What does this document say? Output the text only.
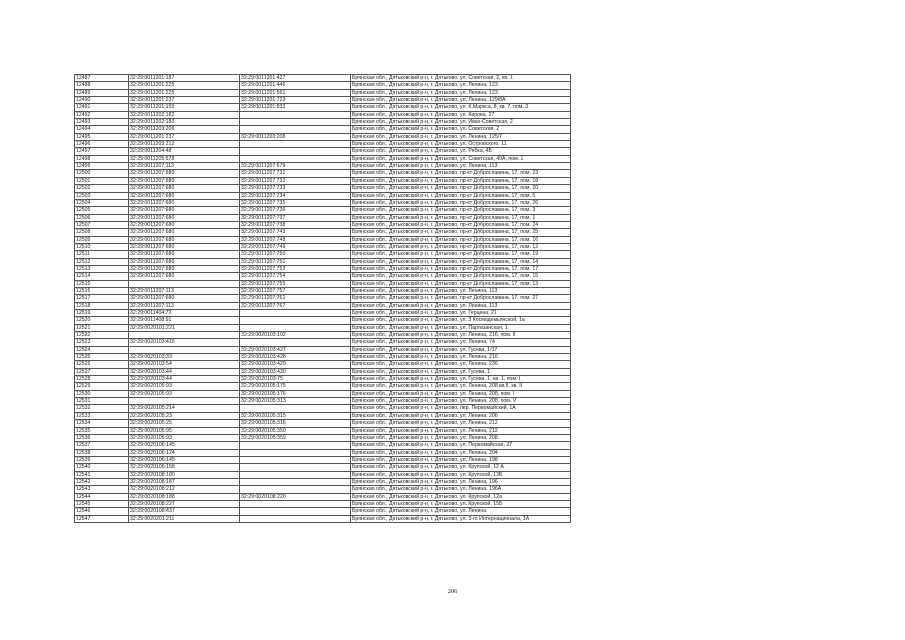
12487	32:29:0011201:187	32:29:0011201:427	Брянская обл., Дятьковский р-н, г. Дятьково, ул. Советская, 2, кв. 1
12488	32:29:0011201:225	32:29:0011201:446	Брянская обл., Дятьковский р-н, г. Дятьково, ул. Ленина, 123
12489	32:29:0011201:225	32:29:0011201:561	Брянская обл., Дятьковский р-н, г. Дятьково, ул. Ленина, 123
12490	32:29:0011201:237	32:29:0011201:723	Брянская обл., Дятьковский р-н, г. Дятьково, ул. Ленина, 129/8А
12491	32:29:0011201:159	32:29:0011201:833	Брянская обл., Дятьковский р-н, г. Дятьково, ул. К.Маркса, 8, кв. 7, пом. 3
12492	32:29:0011202:182		Брянская обл., Дятьковский р-н, г. Дятьково, ул. Кирова, 27
12493	32:29:0011202:183		Брянская обл., Дятьковский р-н, г. Дятьково, ул. Ивах-Советская, 2
12494	32:29:0011203:206		Брянская обл., Дятьковский р-н, г. Дятьково, ул. Советская, 2
12495	32:29:0011201:237	32:29:0011203:208	Брянская обл., Дятьковский р-н, г. Дятьково, ул. Ленина, 125/7
12496	32:29:0011203:212		Брянская обл., Дятьковский р-н, г. Дятьково, ул. Островского, 11
12497	32:29:0011204:48		Брянская обл., Дятьковский р-н, г. Дятьково, ул. Рябка, 4Б
12498	32:29:0011205:678		Брянская обл., Дятьковский р-н, г. Дятьково, ул. Советская, 40А, пом. 1
12499	32:29:0011207:113	32:29:0011207:679	Брянская обл., Дятьковский р-н, г. Дятьково, ул. Ленина, 113
12500	32:29:0011207:680	32:29:0011207:731	Брянская обл., Дятьковский р-н, г. Дятьково, пр-кт Доброславина, 17, пом. 23
12501	32:29:0011207:680	32:29:0011207:732	Брянская обл., Дятьковский р-н, г. Дятьково, пр-кт Доброславина, 17, пом. 18
12502	32:29:0011207:680	32:29:0011207:733	Брянская обл., Дятьковский р-н, г. Дятьково, пр-кт Доброславина, 17, пом. 20
12503	32:29:0011207:680	32:29:0011207:734	Брянская обл., Дятьковский р-н, г. Дятьково, пр-кт Доброславина, 17, пом. 5
12504	32:29:0011207:680	32:29:0011207:735	Брянская обл., Дятьковский р-н, г. Дятьково, пр-кт Доброславина, 17, пом. 26
12505	32:29:0011207:680	32:29:0011207:736	Брянская обл., Дятьковский р-н, г. Дятьково, пр-кт Доброславина, 17, пом. 3
12506	32:29:0011207:680	32:29:0011207:737	Брянская обл., Дятьковский р-н, г. Дятьково, пр-кт Доброславина, 17, пом. 1
12507	32:29:0011207:680	32:29:0011207:738	Брянская обл., Дятьковский р-н, г. Дятьково, пр-кт Доброславина, 17, пом. 24
12508	32:29:0011207:680	32:29:0011207:743	Брянская обл., Дятьковский р-н, г. Дятьково, пр-кт Доброславина, 17, пом. 25
12509	32:29:0011207:680	32:29:0011207:748	Брянская обл., Дятьковский р-н, г. Дятьково, пр-кт Доброславина, 17, пом. 16
12510	32:29:0011207:680	32:29:0011207:749	Брянская обл., Дятьковский р-н, г. Дятьково, пр-кт Доброславина, 17, пом. 12
12511	32:29:0011207:680	32:29:0011207:750	Брянская обл., Дятьковский р-н, г. Дятьково, пр-кт Доброславина, 17, пом. 19
12512	32:29:0011207:680	32:29:0011207:751	Брянская обл., Дятьковский р-н, г. Дятьково, пр-кт Доброславина, 17, пом. 14
12513	32:29:0011207:680	32:29:0011207:753	Брянская обл., Дятьковский р-н, г. Дятьково, пр-кт Доброславина, 17, пом. 17
12514	32:29:0011207:680	32:29:0011207:754	Брянская обл., Дятьковский р-н, г. Дятьково, пр-кт Доброславина, 17, пом. 15
12515		32:29:0011207:755	Брянская обл., Дятьковский р-н, г. Дятьково, пр-кт Доброславина, 17, пом. 13
12516	32:29:0011207:113	32:29:0011207:757	Брянская обл., Дятьковский р-н, г. Дятьково, ул. Ленина, 113
12517	32:29:0011207:680	32:29:0011207:761	Брянская обл., Дятьковский р-н, г. Дятьково, пр-кт Доброславина, 17, пом. 27
12518	32:29:0011207:113	32:29:0011207:767	Брянская обл., Дятьковский р-н, г. Дятьково, ул. Ленина, 113
12519	32:29:0011404:72		Брянская обл., Дятьковский р-н, г. Дятьково, ул. Герцена, 21
12520	32:29:0011408:91		Брянская обл., Дятьковский р-н, г. Дятьково, ул. 3 Космодемьянской, 1а
12521	32:29:0020101:221		Брянская обл., Дятьковский р-н, г. Дятьково, ул. Партизанская, 1
12522		32:29:0020103:102	Брянская обл., Дятьковский р-н, г. Дятьково, ул. Ленина, 216, пом. II
12523	32:29:0020103:415		Брянская обл., Дятьковский р-н, г. Дятьково, ул. Ленина, 74
12524		32:29:0020103:427	Брянская обл., Дятьковский р-н, г. Дятьково, ул. Гусева, 1/17
12525	32:29:0020103:33	32:29:0020103:428	Брянская обл., Дятьковский р-н, г. Дятьково, ул. Ленина, 216
12526	32:29:0020103:54	32:29:0020103:429	Брянская обл., Дятьковский р-н, г. Дятьково, ул. Ленина, 236
12527	32:29:0020103:44	32:29:0020103:430	Брянская обл., Дятьковский р-н, г. Дятьково, ул. Гусева, 1
12528	32:29:0020103:44	32:29:0020103:75	Брянская обл., Дятьковский р-н, г. Дятьково, ул. Гусева, 1, кв. 1, пом. I
12529	32:29:0020105:93	32:29:0020105:175	Брянская обл., Дятьковский р-н, г. Дятьково, ул. Ленина, 208 кв.II, кв. II
12530	32:29:0020105:93	32:29:0020105:176	Брянская обл., Дятьковский р-н, г. Дятьково, ул. Ленина, 208, пом. I
12531		32:29:0020105:313	Брянская обл., Дятьковский р-н, г. Дятьково, ул. Ленина, 208, пом. V
12532	32:29:0020105:214		Брянская обл., Дятьковский р-н, г. Дятьково, пер. Первомайский, 1А
12533	32:29:0020105:23	32:29:0020105:315	Брянская обл., Дятьковский р-н, г. Дятьково, ул. Ленина, 206
12534	32:29:0020105:25	32:29:0020105:316	Брянская обл., Дятьковский р-н, г. Дятьково, ул. Ленина, 212
12535	32:29:0020105:95	32:29:0020105:350	Брянская обл., Дятьковский р-н, г. Дятьково, ул. Ленина, 212
12536	32:29:0020105:93	32:29:0020105:359	Брянская обл., Дятьковский р-н, г. Дятьково, ул. Ленина, 208
12537	32:29:0020106:145		Брянская обл., Дятьковский р-н, г. Дятьково, ул. Первомайская, 27
12538	32:29:0020106:124		Брянская обл., Дятьковский р-н, г. Дятьково, ул. Ленина, 204
12539	32:29:0020106:145		Брянская обл., Дятьковский р-н, г. Дятьково, ул. Ленина, 198
12540	32:29:0020106:158		Брянская обл., Дятьковский р-н, г. Дятьково, ул. Крупской, 12 А
12541	32:29:0020108:180		Брянская обл., Дятьковский р-н, г. Дятьково, ул. Крупской, 13Б
12542	32:29:0020108:187		Брянская обл., Дятьковский р-н, г. Дятьково, ул. Ленина, 196
12543	32:29:0020108:212		Брянская обл., Дятьковский р-н, г. Дятьково, ул. Ленина, 196А
12544	32:29:0020108:188	32:29:0020108:220	Брянская обл., Дятьковский р-н, г. Дятьково, ул. Крупской, 12а
12545	32:29:0020108:227		Брянская обл., Дятьковский р-н, г. Дятьково, ул. Крупской, 15Б
12546	32:29:0020108:437		Брянская обл., Дятьковский р-н, г. Дятьково, ул. Ленина
12547	32:29:0020201:211		Брянская обл., Дятьковский р-н, г. Дятьково, ул. 3-го Интернационала, 1А
206
